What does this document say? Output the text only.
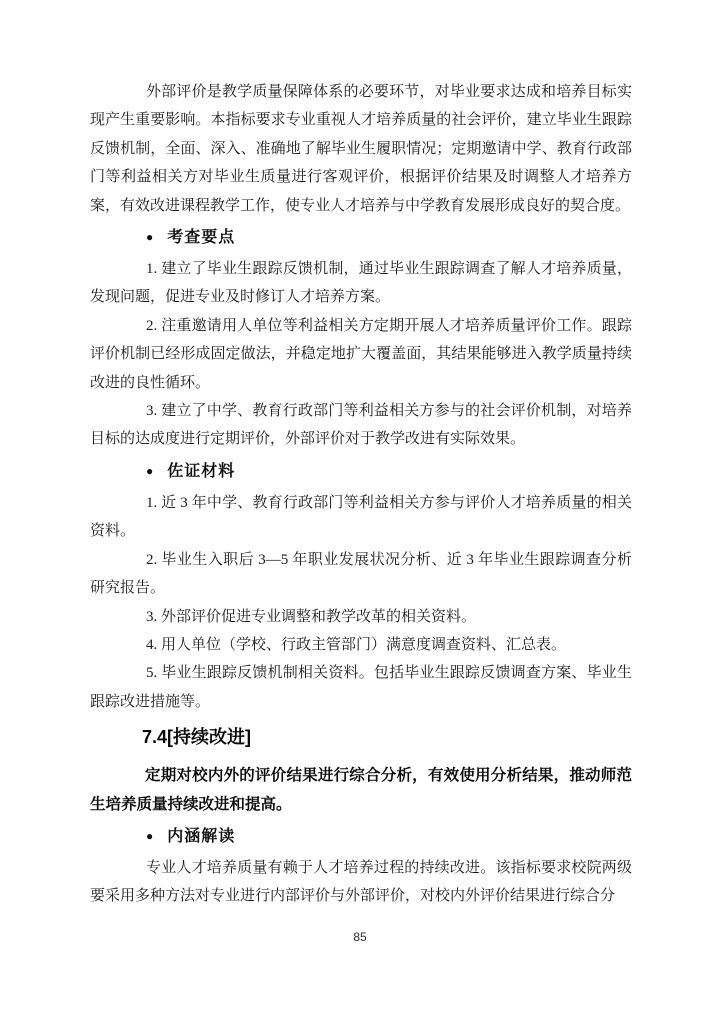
外部评价是教学质量保障体系的必要环节，对毕业要求达成和培养目标实现产生重要影响。本指标要求专业重视人才培养质量的社会评价，建立毕业生跟踪反馈机制，全面、深入、准确地了解毕业生履职情况；定期邀请中学、教育行政部门等利益相关方对毕业生质量进行客观评价，根据评价结果及时调整人才培养方案，有效改进课程教学工作，使专业人才培养与中学教育发展形成良好的契合度。

● 考查要点

1. 建立了毕业生跟踪反馈机制，通过毕业生跟踪调查了解人才培养质量，发现问题，促进专业及时修订人才培养方案。

2. 注重邀请用人单位等利益相关方定期开展人才培养质量评价工作。跟踪评价机制已经形成固定做法，并稳定地扩大覆盖面，其结果能够进入教学质量持续改进的良性循环。

3. 建立了中学、教育行政部门等利益相关方参与的社会评价机制，对培养目标的达成度进行定期评价，外部评价对于教学改进有实际效果。

● 佐证材料

1. 近 3 年中学、教育行政部门等利益相关方参与评价人才培养质量的相关资料。

2. 毕业生入职后 3—5 年职业发展状况分析、近 3 年毕业生跟踪调查分析研究报告。

3. 外部评价促进专业调整和教学改革的相关资料。

4. 用人单位（学校、行政主管部门）满意度调查资料、汇总表。

5. 毕业生跟踪反馈机制相关资料。包括毕业生跟踪反馈调查方案、毕业生跟踪改进措施等。

7.4[持续改进]

定期对校内外的评价结果进行综合分析，有效使用分析结果，推动师范生培养质量持续改进和提高。

● 内涵解读

专业人才培养质量有赖于人才培养过程的持续改进。该指标要求校院两级要采用多种方法对专业进行内部评价与外部评价，对校内外评价结果进行综合分

85
